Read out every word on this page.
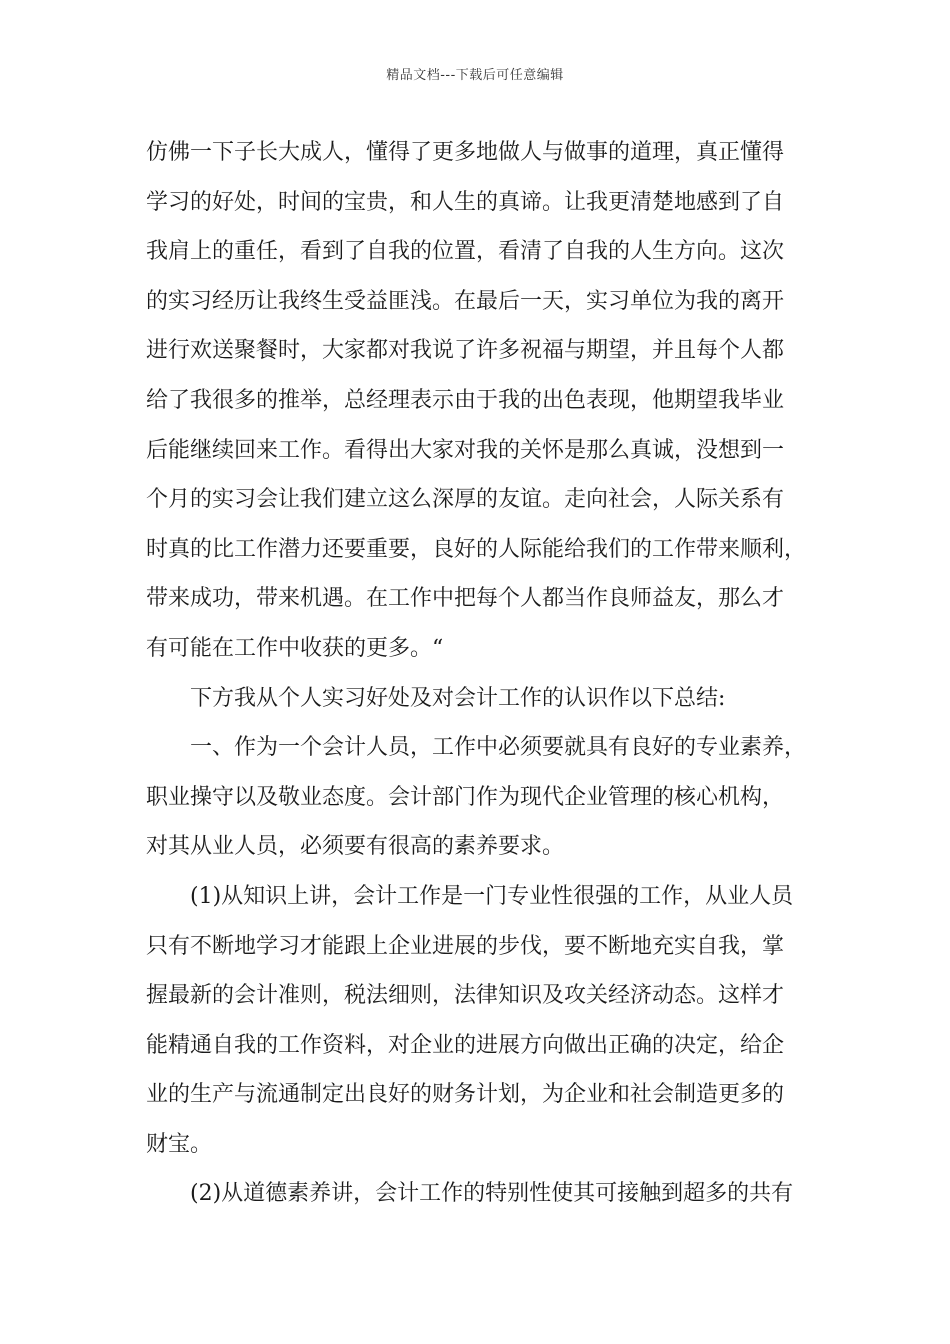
精品文档---下载后可任意编辑
仿佛一下子长大成人，懂得了更多地做人与做事的道理，真正懂得
学习的好处，时间的宝贵，和人生的真谛。让我更清楚地感到了自
我肩上的重任，看到了自我的位置，看清了自我的人生方向。这次
的实习经历让我终生受益匪浅。在最后一天，实习单位为我的离开
进行欢送聚餐时，大家都对我说了许多祝福与期望，并且每个人都
给了我很多的推举，总经理表示由于我的出色表现，他期望我毕业
后能继续回来工作。看得出大家对我的关怀是那么真诚，没想到一
个月的实习会让我们建立这么深厚的友谊。走向社会，人际关系有
时真的比工作潜力还要重要，良好的人际能给我们的工作带来顺利，
带来成功，带来机遇。在工作中把每个人都当作良师益友，那么才
有可能在工作中收获的更多。“
下方我从个人实习好处及对会计工作的认识作以下总结:
一、作为一个会计人员，工作中必须要就具有良好的专业素养，
职业操守以及敬业态度。会计部门作为现代企业管理的核心机构，
对其从业人员，必须要有很高的素养要求。
(1)从知识上讲，会计工作是一门专业性很强的工作，从业人员
只有不断地学习才能跟上企业进展的步伐，要不断地充实自我，掌
握最新的会计准则，税法细则，法律知识及攻关经济动态。这样才
能精通自我的工作资料，对企业的进展方向做出正确的决定，给企
业的生产与流通制定出良好的财务计划，为企业和社会制造更多的
财宝。
(2)从道德素养讲，会计工作的特别性使其可接触到超多的共有
